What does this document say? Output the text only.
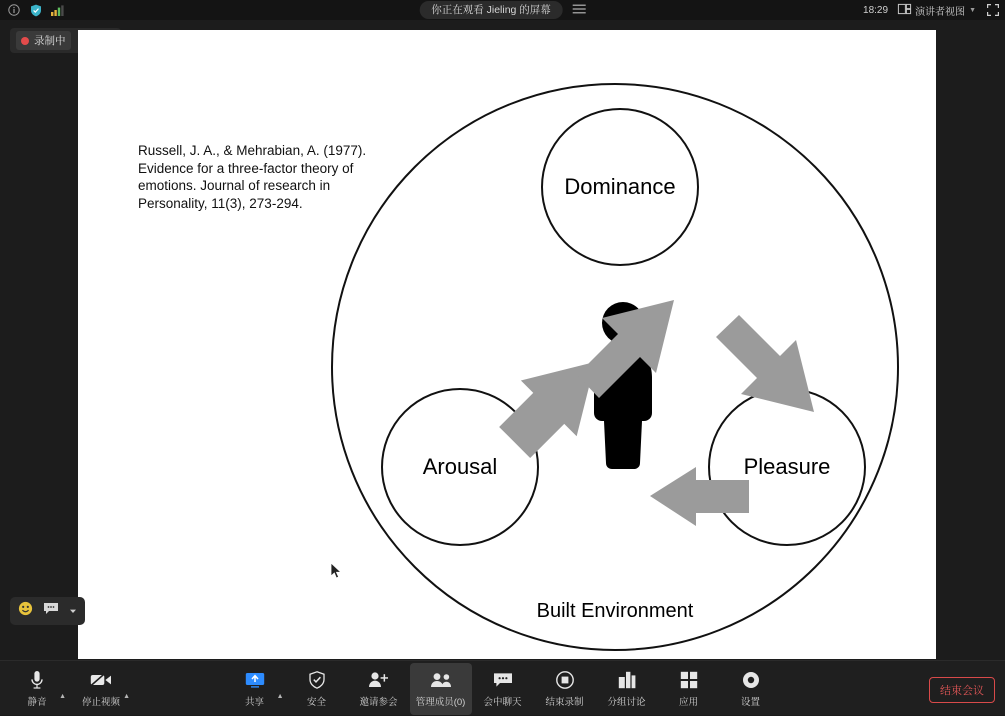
你正在观看 Jieling 的屏幕	18:29	演讲者视图 ▼
录制中
Russell, J. A., & Mehrabian, A. (1977). Evidence for a three-factor theory of emotions. Journal of research in Personality, 11(3), 273-294.
Dominance
Arousal	Pleasure
Built Environment
静音
▲
停止视频
▲
共享
▲
安全	邀请参会 管理成员(0) 会中聊天	结束录制	分组讨论	应用	设置
结束会议
